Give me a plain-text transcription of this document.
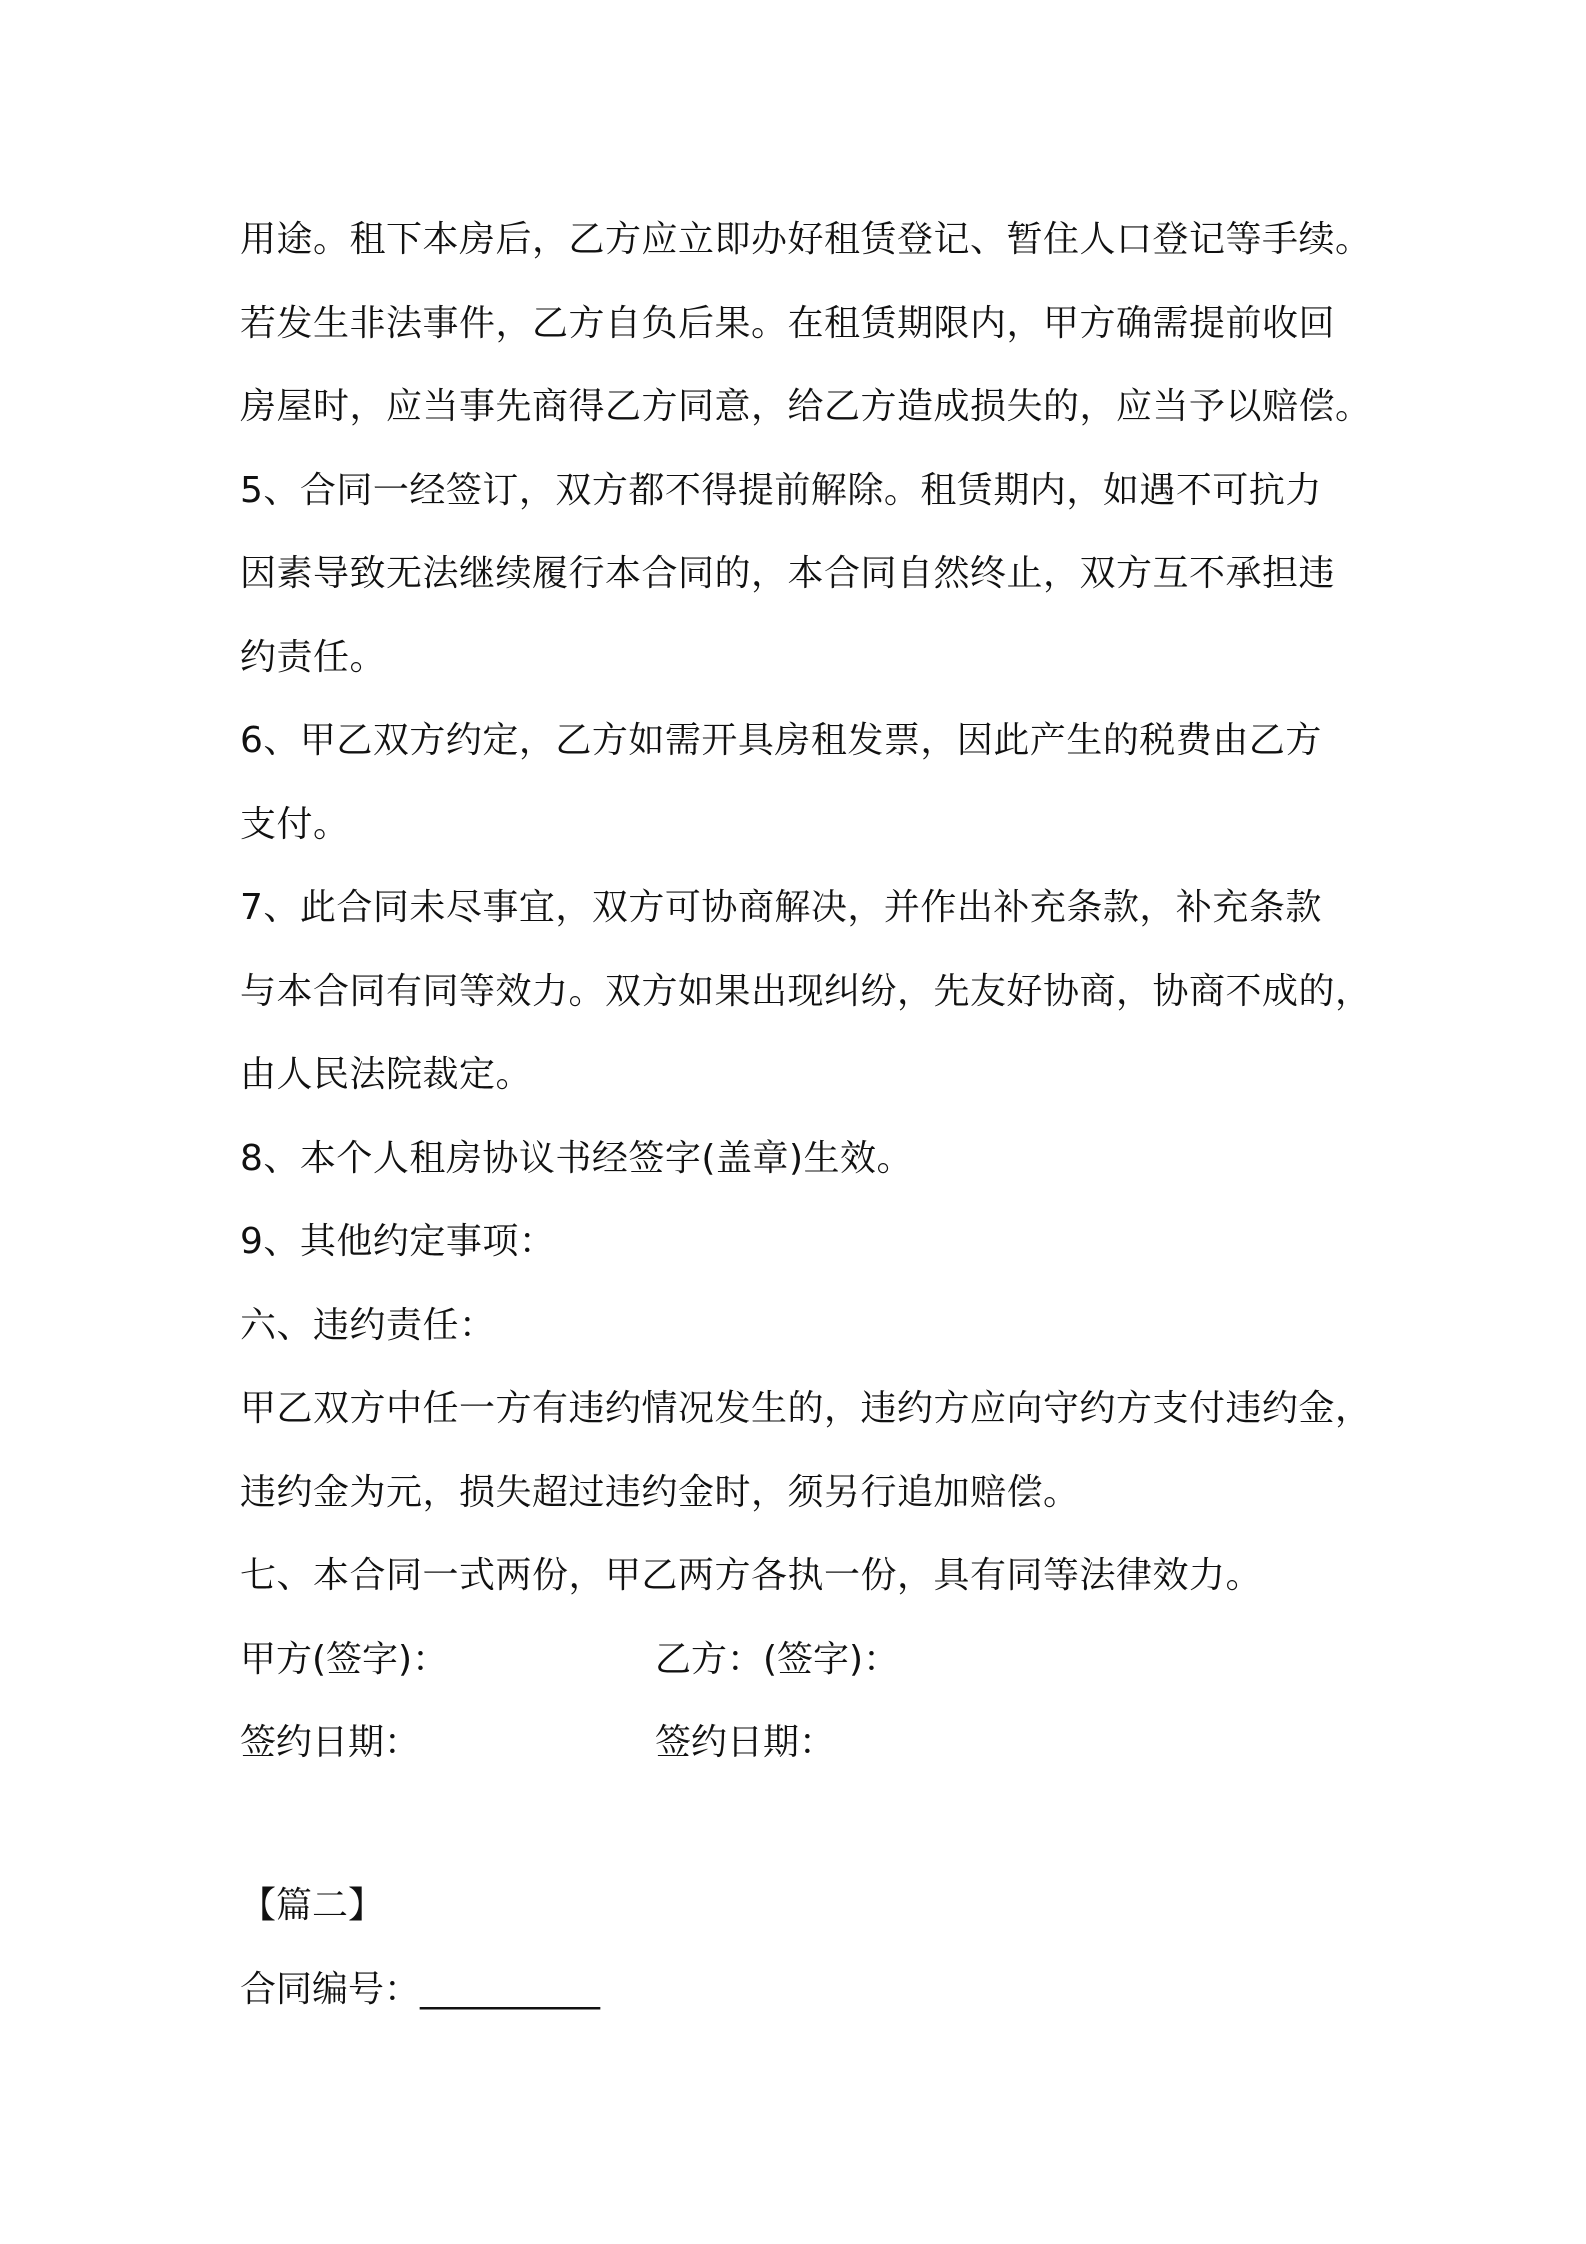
用途。租下本房后，乙方应立即办好租赁登记、暂住人口登记等手续。
若发生非法事件，乙方自负后果。在租赁期限内，甲方确需提前收回
房屋时，应当事先商得乙方同意，给乙方造成损失的，应当予以赔偿。
5、合同一经签订，双方都不得提前解除。租赁期内，如遇不可抗力
因素导致无法继续履行本合同的，本合同自然终止，双方互不承担违
约责任。
6、甲乙双方约定，乙方如需开具房租发票，因此产生的税费由乙方
支付。
7、此合同未尽事宜，双方可协商解决，并作出补充条款，补充条款
与本合同有同等效力。双方如果出现纠纷，先友好协商，协商不成的，
由人民法院裁定。
8、本个人租房协议书经签字(盖章)生效。
9、其他约定事项：
六、违约责任：
甲乙双方中任一方有违约情况发生的，违约方应向守约方支付违约金，
违约金为元，损失超过违约金时，须另行追加赔偿。
七、本合同一式两份，甲乙两方各执一份，具有同等法律效力。
甲方(签字)：	乙方：(签字)：
签约日期：	签约日期：
【篇二】
合同编号：__________
